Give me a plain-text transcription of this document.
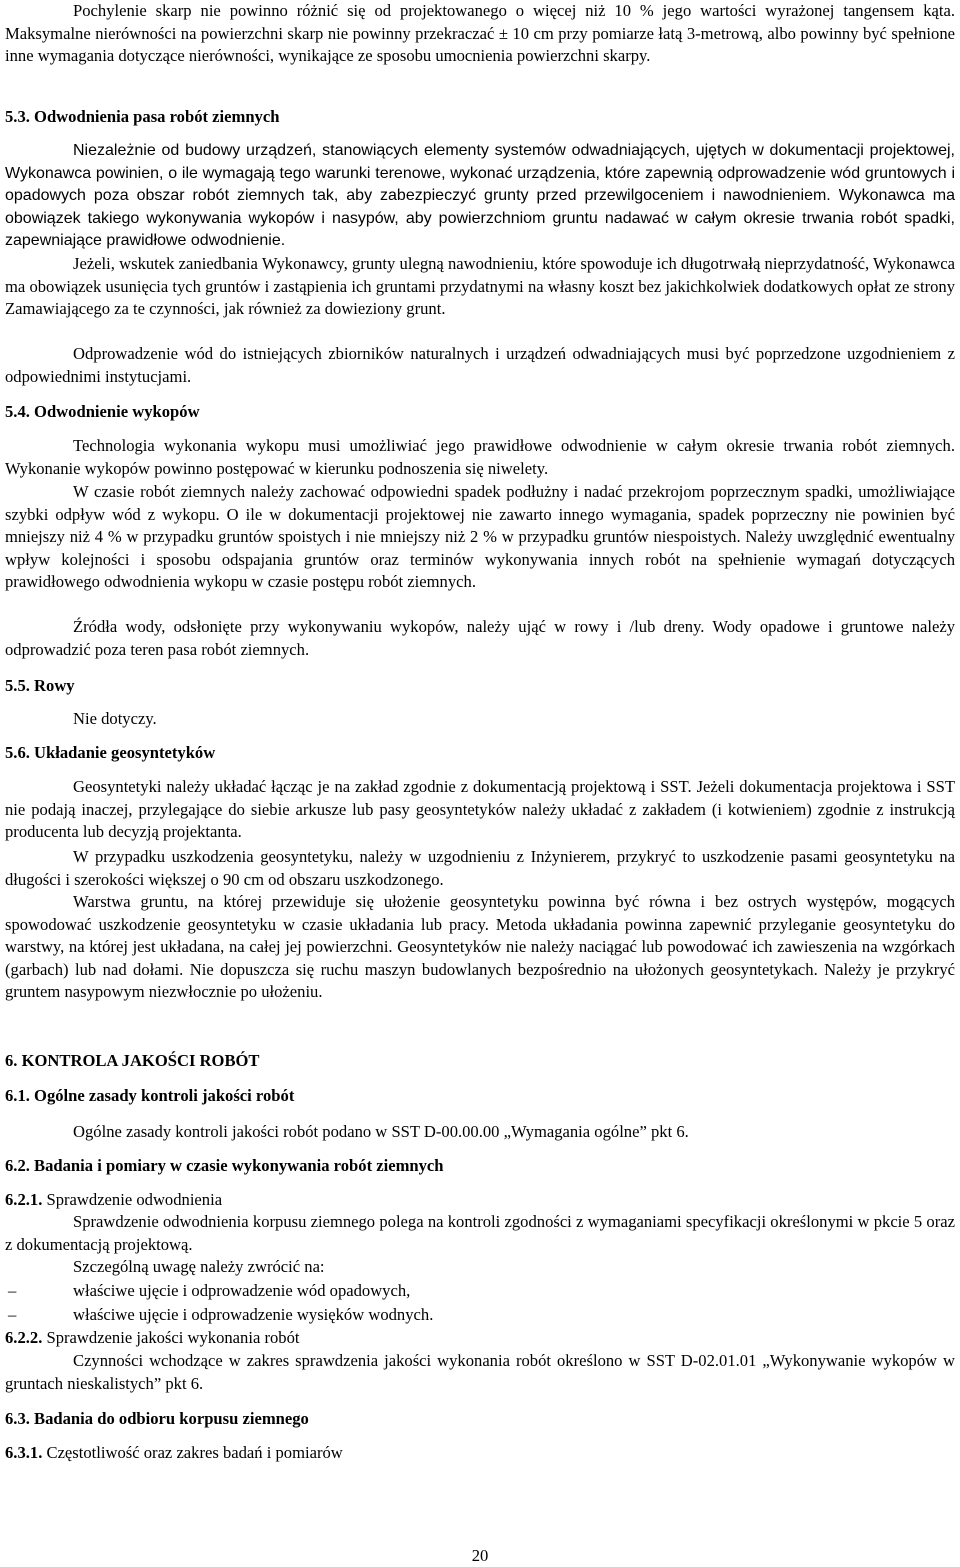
Pochylenie skarp nie powinno różnić się od projektowanego o więcej niż 10 % jego wartości wyrażonej tangensem kąta. Maksymalne nierówności na powierzchni skarp nie powinny przekraczać ± 10 cm przy pomiarze łatą 3-metrową, albo powinny być spełnione inne wymagania dotyczące nierówności, wynikające ze sposobu umocnienia powierzchni skarpy.

5.3. Odwodnienia pasa robót ziemnych

Niezależnie od budowy urządzeń, stanowiących elementy systemów odwadniających, ujętych w dokumentacji projektowej, Wykonawca powinien, o ile wymagają tego warunki terenowe, wykonać urządzenia, które zapewnią odprowadzenie wód gruntowych i opadowych poza obszar robót ziemnych tak, aby zabezpieczyć grunty przed przewilgoceniem i nawodnieniem. Wykonawca ma obowiązek takiego wykonywania wykopów i nasypów, aby powierzchniom gruntu nadawać w całym okresie trwania robót spadki, zapewniające prawidłowe odwodnienie.

Jeżeli, wskutek zaniedbania Wykonawcy, grunty ulegną nawodnieniu, które spowoduje ich długotrwałą nieprzydatność, Wykonawca ma obowiązek usunięcia tych gruntów i zastąpienia ich gruntami przydatnymi na własny koszt bez jakichkolwiek dodatkowych opłat ze strony Zamawiającego za te czynności, jak również za dowieziony grunt.

Odprowadzenie wód do istniejących zbiorników naturalnych i urządzeń odwadniających musi być poprzedzone uzgodnieniem z odpowiednimi instytucjami.

5.4. Odwodnienie wykopów

Technologia wykonania wykopu musi umożliwiać jego prawidłowe odwodnienie w całym okresie trwania robót ziemnych. Wykonanie wykopów powinno postępować w kierunku podnoszenia się niwelety.

W czasie robót ziemnych należy zachować odpowiedni spadek podłużny i nadać przekrojom poprzecznym spadki, umożliwiające szybki odpływ wód z wykopu. O ile w dokumentacji projektowej nie zawarto innego wymagania, spadek poprzeczny nie powinien być mniejszy niż 4 % w przypadku gruntów spoistych i nie mniejszy niż 2 % w przypadku gruntów niespoistych. Należy uwzględnić ewentualny wpływ kolejności i sposobu odspajania gruntów oraz terminów wykonywania innych robót na spełnienie wymagań dotyczących prawidłowego odwodnienia wykopu w czasie postępu robót ziemnych.

Źródła wody, odsłonięte przy wykonywaniu wykopów, należy ująć w rowy i /lub dreny. Wody opadowe i gruntowe należy odprowadzić poza teren pasa robót ziemnych.

5.5. Rowy

Nie dotyczy.

5.6. Układanie geosyntetyków

Geosyntetyki należy układać łącząc je na zakład zgodnie z dokumentacją projektową i SST. Jeżeli dokumentacja projektowa i SST nie podają inaczej, przylegające do siebie arkusze lub pasy geosyntetyków należy układać z zakładem (i kotwieniem) zgodnie z instrukcją producenta lub decyzją projektanta.

W przypadku uszkodzenia geosyntetyku, należy w uzgodnieniu z Inżynierem, przykryć to uszkodzenie pasami geosyntetyku na długości i szerokości większej o 90 cm od obszaru uszkodzonego.

Warstwa gruntu, na której przewiduje się ułożenie geosyntetyku powinna być równa i bez ostrych występów, mogących spowodować uszkodzenie geosyntetyku w czasie układania lub pracy. Metoda układania powinna zapewnić przyleganie geosyntetyku do warstwy, na której jest układana, na całej jej powierzchni. Geosyntetyków nie należy naciągać lub powodować ich zawieszenia na wzgórkach (garbach) lub nad dołami. Nie dopuszcza się ruchu maszyn budowlanych bezpośrednio na ułożonych geosyntetykach. Należy je przykryć gruntem nasypowym niezwłocznie po ułożeniu.

6. KONTROLA JAKOŚCI ROBÓT
6.1. Ogólne zasady kontroli jakości robót

Ogólne zasady kontroli jakości robót podano w SST D-00.00.00 „Wymagania ogólne” pkt 6.

6.2. Badania i pomiary w czasie wykonywania robót ziemnych

6.2.1. Sprawdzenie odwodnienia

Sprawdzenie odwodnienia korpusu ziemnego polega na kontroli zgodności z wymaganiami specyfikacji określonymi w pkcie 5 oraz z dokumentacją projektową.

Szczególną uwagę należy zwrócić na:

–	właściwe ujęcie i odprowadzenie wód opadowych,
–	właściwe ujęcie i odprowadzenie wysięków wodnych.

6.2.2. Sprawdzenie jakości wykonania robót

Czynności wchodzące w zakres sprawdzenia jakości wykonania robót określono w SST D-02.01.01 „Wykonywanie wykopów w gruntach nieskalistych” pkt 6.

6.3. Badania do odbioru korpusu ziemnego

6.3.1. Częstotliwość oraz zakres badań i pomiarów

20
